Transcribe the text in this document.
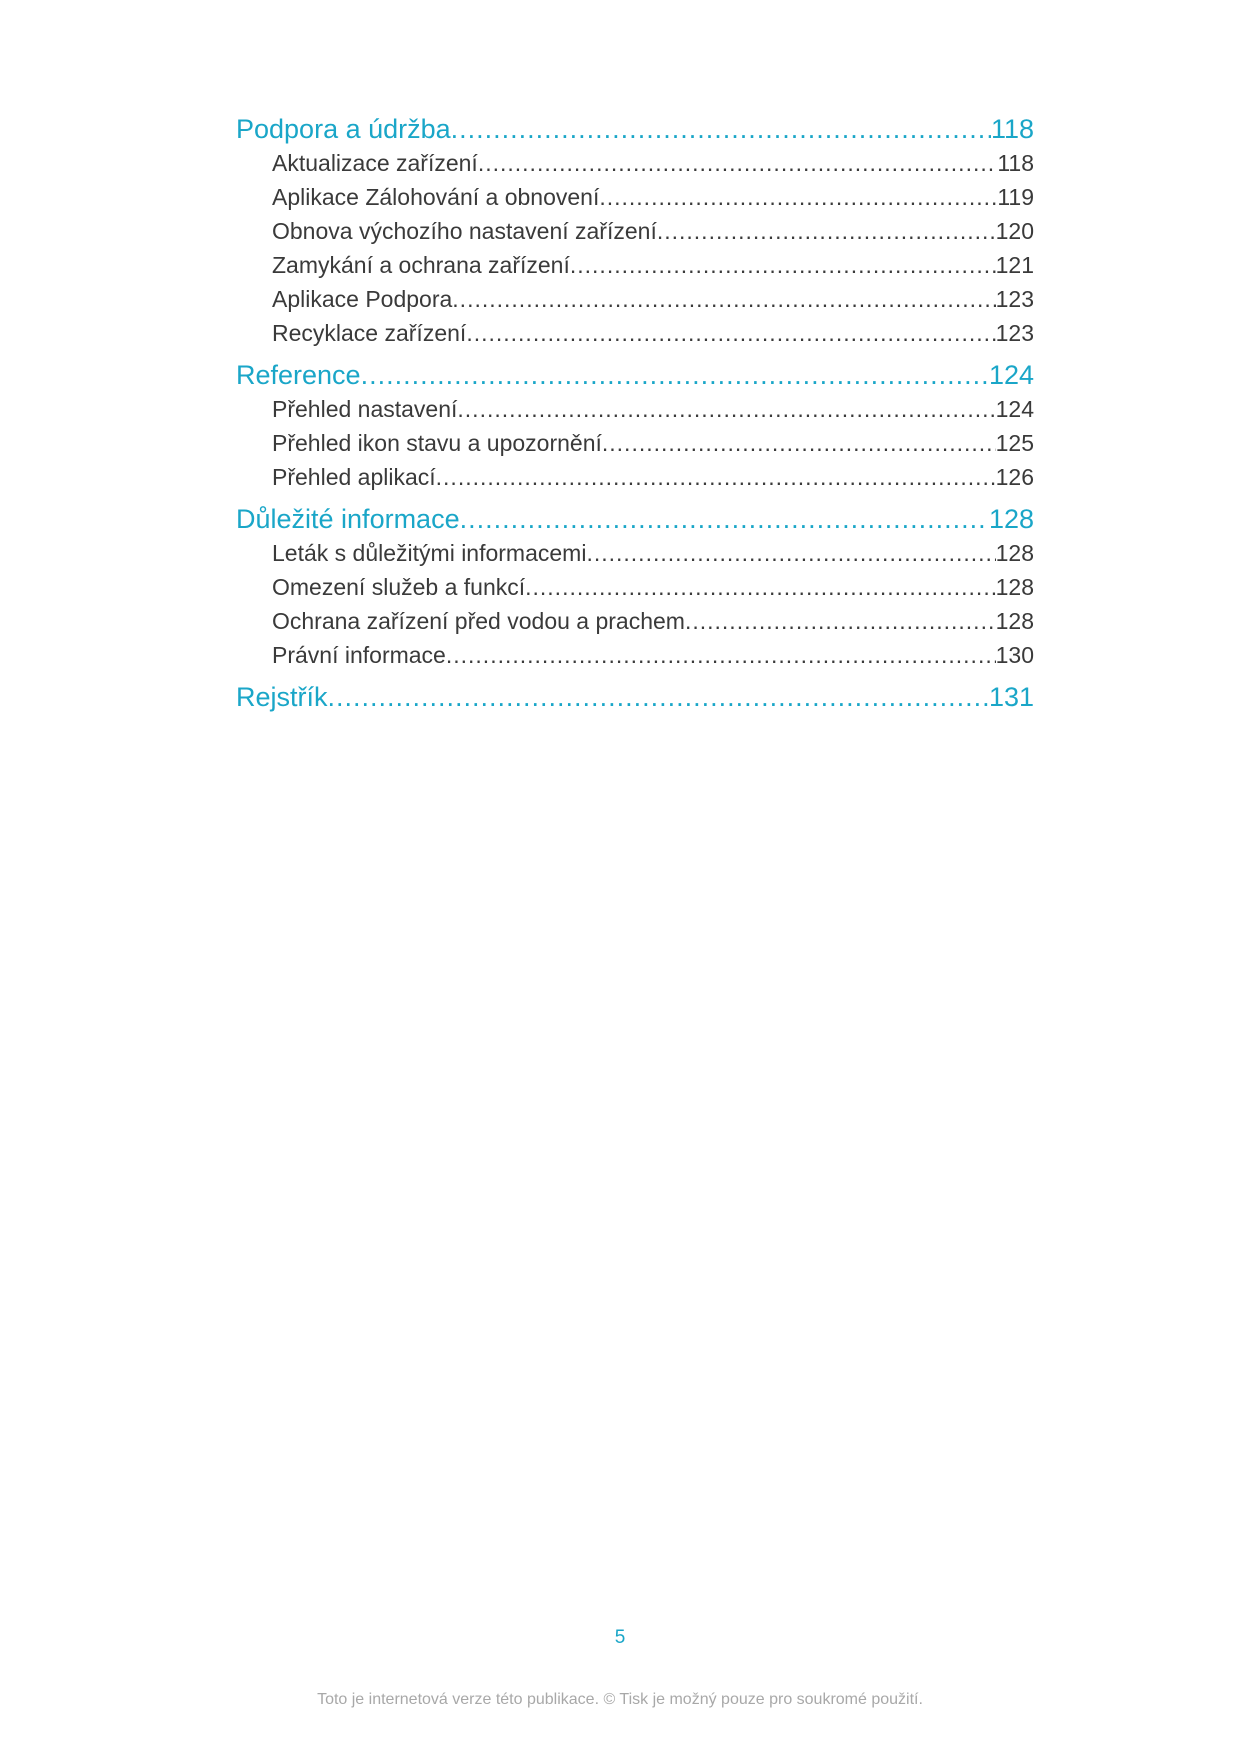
Podpora a údržba .....	118
Aktualizace zařízení .....	118
Aplikace Zálohování a obnovení .....	119
Obnova výchozího nastavení zařízení .....	120
Zamykání a ochrana zařízení .....	121
Aplikace Podpora .....	123
Recyklace zařízení .....	123
Reference .....	124
Přehled nastavení .....	124
Přehled ikon stavu a upozornění .....	125
Přehled aplikací .....	126
Důležité informace .....	128
Leták s důležitými informacemi .....	128
Omezení služeb a funkcí .....	128
Ochrana zařízení před vodou a prachem .....	128
Právní informace .....	130
Rejstřík .....	131
5
Toto je internetová verze této publikace. © Tisk je možný pouze pro soukromé použití.
